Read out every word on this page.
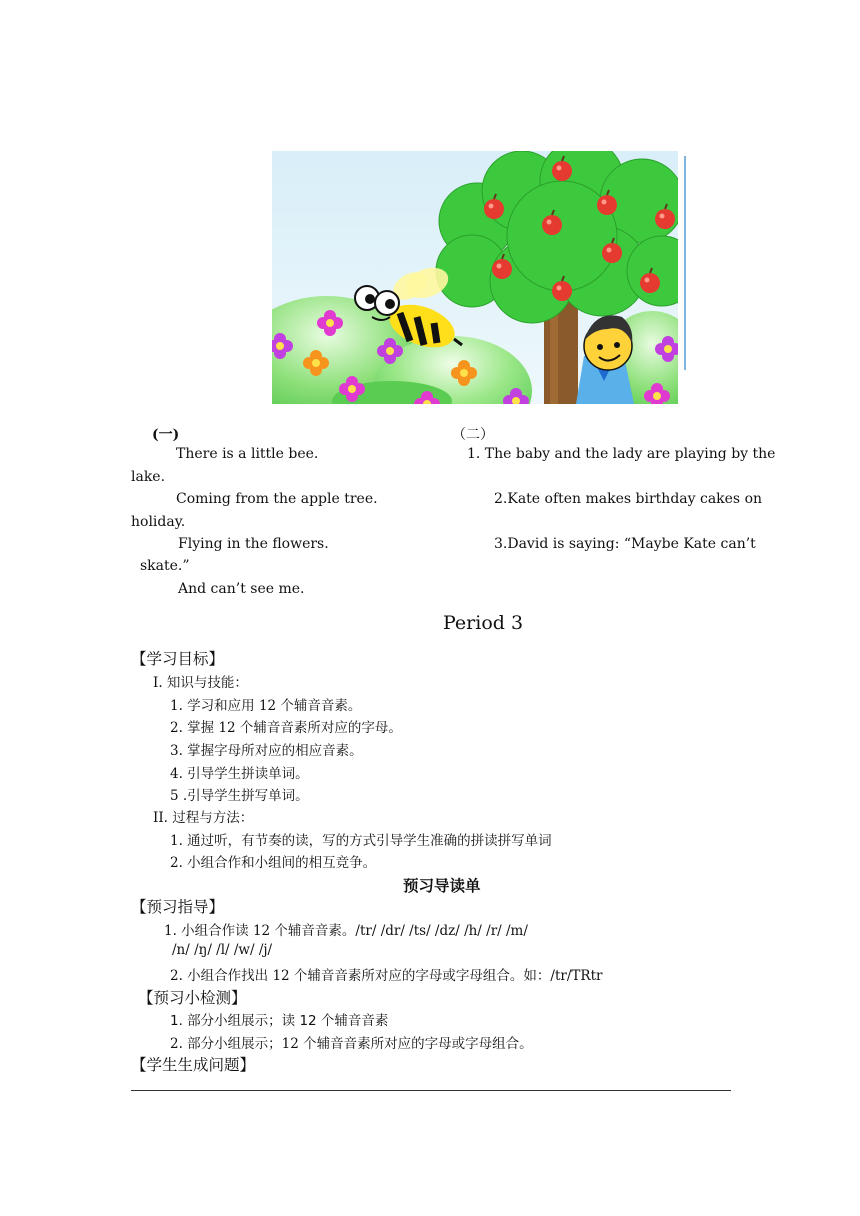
(一)
There is a little bee.
Coming from the apple tree.
Flying in the flowers.
And can’t see me.
（二）
1. The baby and the lady are playing by the
lake.
2.Kate often makes birthday cakes on
holiday.
3.David is saying: “Maybe Kate can’t
skate.”
Period 3
【学习目标】
I. 知识与技能：
1. 学习和应用 12 个辅音音素。
2. 掌握 12 个辅音音素所对应的字母。
3. 掌握字母所对应的相应音素。
4. 引导学生拼读单词。
5 .引导学生拼写单词。
II. 过程与方法：
1. 通过听，有节奏的读，写的方式引导学生准确的拼读拼写单词
2. 小组合作和小组间的相互竞争。
预习导读单
【预习指导】
1. 小组合作读 12 个辅音音素。/tr/ /dr/ /ts/ /dz/ /h/ /r/ /m/
/n/ /ŋ/ /l/ /w/ /j/
2. 小组合作找出 12 个辅音音素所对应的字母或字母组合。如：/tr/TRtr
【预习小检测】
1. 部分小组展示；读 12 个辅音音素
2. 部分小组展示；12 个辅音音素所对应的字母或字母组合。
【学生生成问题】
